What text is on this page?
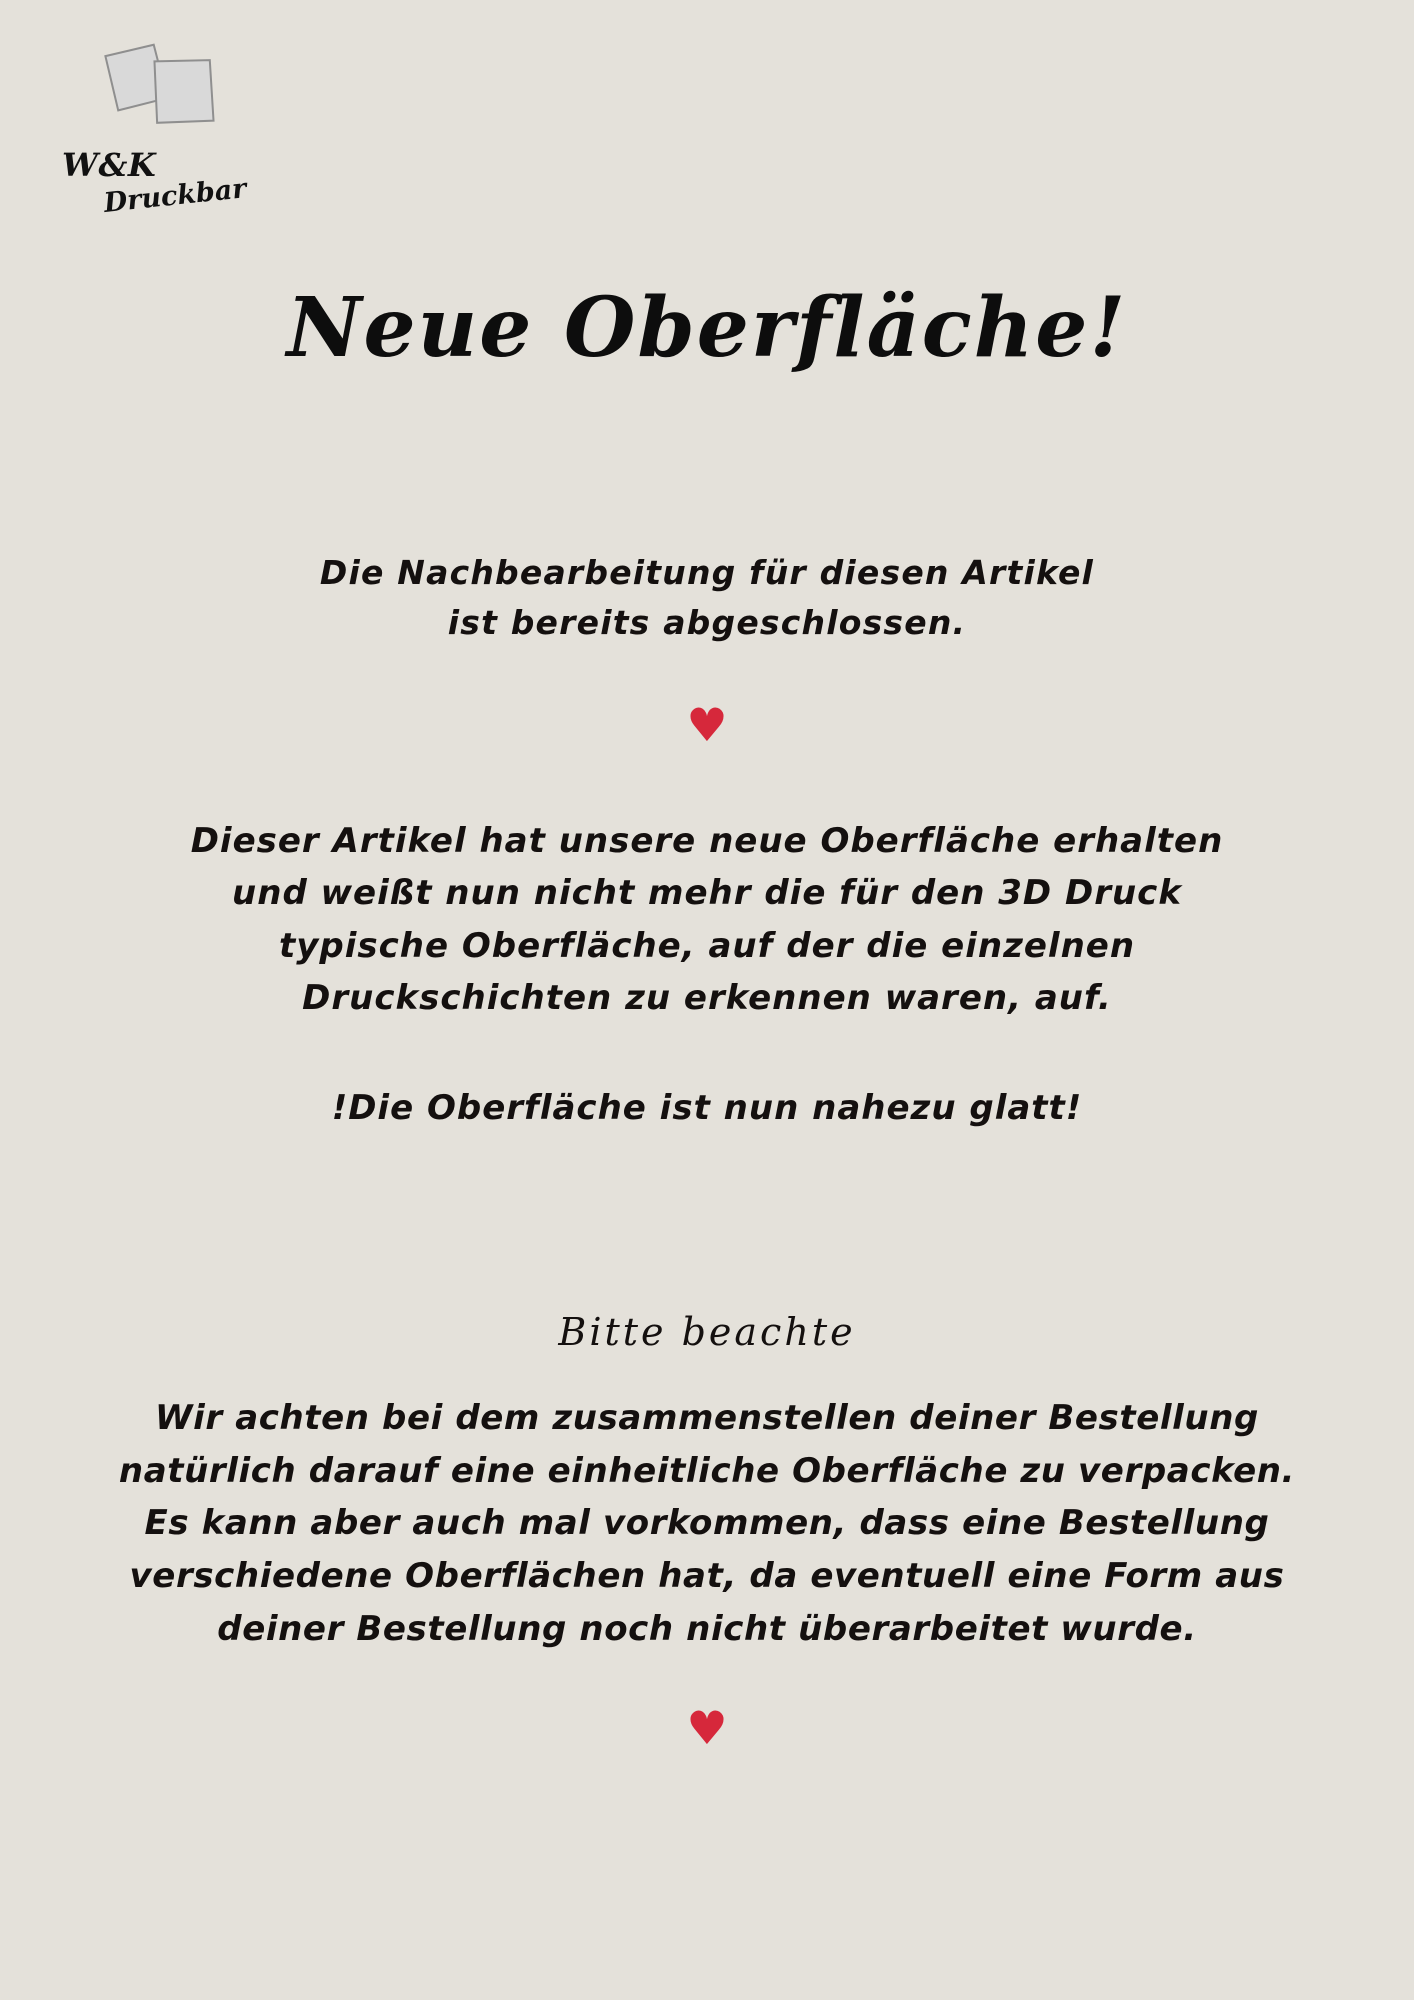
W&K
Druckbar
Neue Oberfläche!
Die Nachbearbeitung für diesen Artikel
ist bereits abgeschlossen.
♥
Dieser Artikel hat unsere neue Oberfläche erhalten
und weißt nun nicht mehr die für den 3D Druck
typische Oberfläche, auf der die einzelnen
Druckschichten zu erkennen waren, auf.
!Die Oberfläche ist nun nahezu glatt!
Bitte beachte
Wir achten bei dem zusammenstellen deiner Bestellung
natürlich darauf eine einheitliche Oberfläche zu verpacken.
Es kann aber auch mal vorkommen, dass eine Bestellung
verschiedene Oberflächen hat, da eventuell eine Form aus
deiner Bestellung noch nicht überarbeitet wurde.
♥
